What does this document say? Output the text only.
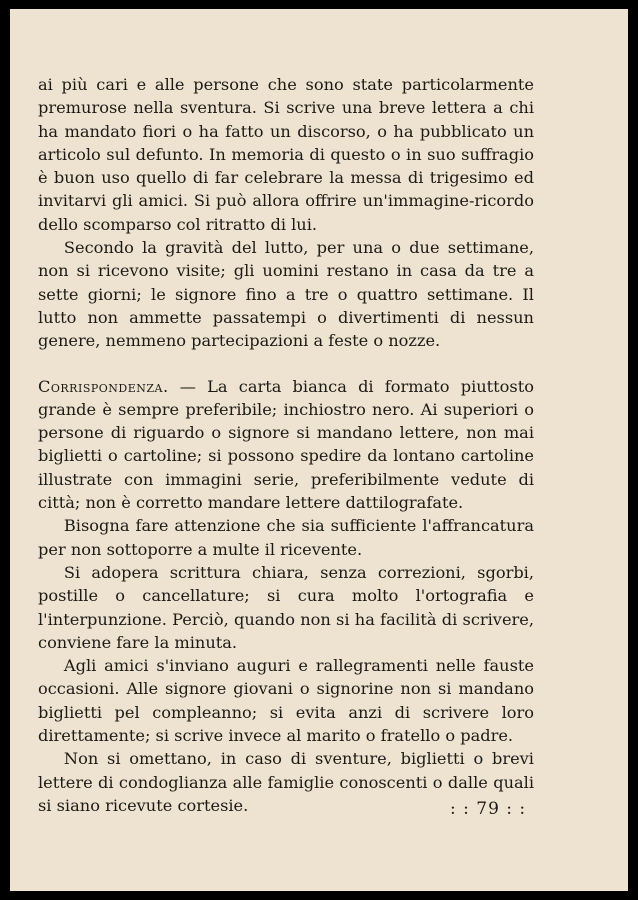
ai più cari e alle persone che sono state particolarmente premurose nella sventura. Si scrive una breve lettera a chi ha mandato fiori o ha fatto un discorso, o ha pubblicato un articolo sul defunto. In memoria di questo o in suo suffragio è buon uso quello di far celebrare la messa di trigesimo ed invitarvi gli amici. Si può allora offrire un'immagine-ricordo dello scomparso col ritratto di lui.

Secondo la gravità del lutto, per una o due settimane, non si ricevono visite; gli uomini restano in casa da tre a sette giorni; le signore fino a tre o quattro settimane. Il lutto non ammette passatempi o divertimenti di nessun genere, nemmeno partecipazioni a feste o nozze.

Corrispondenza. — La carta bianca di formato piuttosto grande è sempre preferibile; inchiostro nero. Ai superiori o persone di riguardo o signore si mandano lettere, non mai biglietti o cartoline; si possono spedire da lontano cartoline illustrate con immagini serie, preferibilmente vedute di città; non è corretto mandare lettere dattilografate.

Bisogna fare attenzione che sia sufficiente l'affrancatura per non sottoporre a multe il ricevente.

Si adopera scrittura chiara, senza correzioni, sgorbi, postille o cancellature; si cura molto l'ortografia e l'interpunzione. Perciò, quando non si ha facilità di scrivere, conviene fare la minuta.

Agli amici s'inviano auguri e rallegramenti nelle fauste occasioni. Alle signore giovani o signorine non si mandano biglietti pel compleanno; si evita anzi di scrivere loro direttamente; si scrive invece al marito o fratello o padre.

Non si omettano, in caso di sventure, biglietti o brevi lettere di condoglianza alle famiglie conoscenti o dalle quali si siano ricevute cortesie.	: : 79 : :
